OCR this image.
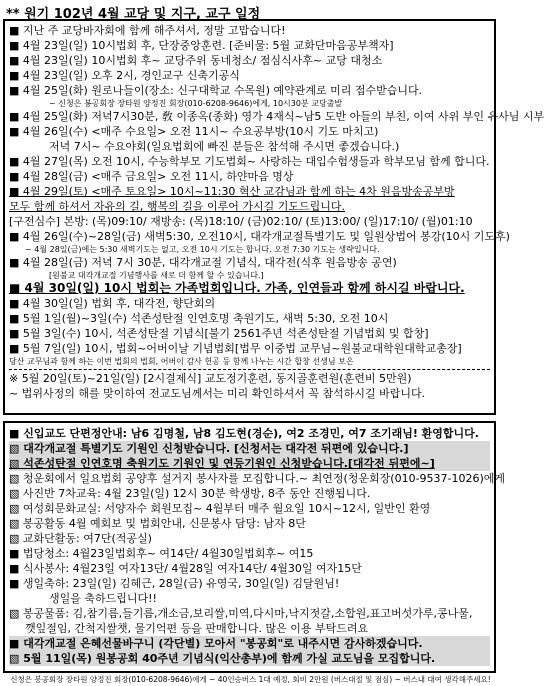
** 원기 102년 4월 교당 및 지구, 교구 일정
■ 지난 주 교당바자회에 함께 해주셔서, 정말 고맙습니다!
■ 4월 23일(일) 10시법회 후, 단장중앙훈련. [준비물: 5월 교화단마음공부책자]
■ 4월 23일(일) 10시법회 후~ 교당주위 동네청소/ 점심식사후~ 교당 대청소
■ 4월 23일(일) 오후 2시, 경인교구 신축기공식
■ 4월 25일(화) 원로나들이(장소: 신구대학교 수목원) 예약관계로 미리 접수받습니다.
~ 신청은 봉공회장 장타원 양정진 회장(010-6208-9646)에게, 10시30분 교당출발
■ 4월 25일(화) 저녁7시30분, 敎 이종옥(종화) 영가 4재식~남5 도반 아들의 부친, 이여 사위 부인 유사님 시부
■ 4월 26일(수) <매주 수요일> 오전 11시~ 수요공부방(10시 기도 마치고)
저녁 7시~ 수요야회(일요법회에 빠진 분들은 참석해 주시면 좋겠습니다.)
■ 4월 27일(목) 오전 10시, 수능학부모 기도법회~ 사랑하는 대입수험생들과 학부모님 함께 합니다.
■ 4월 28일(금) <매주 금요일> 오전 11시, 하얀마음 명상
■ 4월 29일(토) <매주 토요일> 10시~11:30 혁산 교감님과 함께 하는 4차 원음방송공부방
모두 함께 하셔서 자유의 길, 행복의 길을 이루어 가시길 기도드립니다.
[구전심수] 본방: (목)09:10/ 재방송: (목)18:10/ (금)02:10/ (토)13:00/ (일)17:10/ (월)01:10
■ 4월 26일(수)~28일(금) 새벽5:30, 오전10시, 대각개교절특별기도 및 일원상법어 봉강(10시 기도후)
~ 4월 28일(금)에는 5:30 새벽기도는 없고, 오전 10시 기도는 합니다. 오전 7:30 기도는 생략입니다.
■ 4월 28일(금) 저녁 7시 30분, 대각개교절 기념식, 대각전(식후 원음방송 공연)
[원불교 대각개교절 기념행사를 새로 더 함께 할 수 있습니다.]
■ 4월 30일(일) 10시 법회는 가족법회입니다. 가족, 인연들과 함께 하시길 바랍니다.
■ 4월 30일(일) 법회 후, 대각전, 향단회의
■ 5월 1일(월)~3일(수) 석존성탄절 인연호명 축원기도, 새벽 5:30, 오전 10시
■ 5월 3일(수) 10시, 석존성탄절 기념식[불기 2561주년 석존성탄절 기념법회 및 합창]
■ 5월 7일(일) 10시, 법회~어버이날 기념법회[법무 이중법 교무님~원불교대학원대학교총장]
당산 교무님과 함께 하는 이번 법회의 법회, 어버이 감사 헌공 등 함께 나누는 시간 합창 선생님 보은
※ 5월 20일(토)~21일(일) [2시결제식] 교도정기훈련, 동지골훈련원(훈련비 5만원)
~ 법위사정의 해를 맞이하여 전교도님께서는 미리 확인하셔서 꼭 참석하시길 바랍니다.
■ 신입교도 단편정안내: 남6 김명철, 남8 김도현(경순), 여2 조경민, 여7 조기래님! 환영합니다.
▧ 대각개교절 특별기도 기원인 신청받습니다. [신청서는 대각전 뒤편에 있습니다.]
▧ 석존성탄절 인연호명 축원기도 기원인 및 연등기원인 신청받습니다.[대각전 뒤편에~]
▧ 청운회에서 일요법회 공양후 설거지 봉사자를 모집합니다.~ 최연정(청운회장(010-9537-1026)에게
▧ 사진반 7차교육: 4월 23일(일) 12시 30분 학생방, 8주 동안 진행됩니다.
▧ 여성회문화교실: 서양자수 회원모집~ 4월부터 매주 월요일 10시~12시, 일반인 환영
▧ 봉공활동 4월 예회보 및 법회안내, 신문봉사 담당: 남자 8단
▧ 교화단활동: 여7단(적공실)
■ 법당청소: 4월23일법회후~ 여14단/ 4월30일법회후~ 여15
■ 식사봉사: 4월23일 여자13단/ 4월28일 여자14단/ 4월30일 여자15단
■ 생일축하: 23일(일) 김혜근, 28일(금) 유영국, 30일(일) 김달원님!
생일을 축하드립니다!!
▧ 봉공물품: 김,참기름,들기름,개소금,보리쌀,미역,다시마,낙지젓갈,소합원,표고버섯가루,콩나물,
깻잎절임, 간척지쌀챗, 물기억편 등을 판매합니다. 많은 이용 부탁드려요
■ 대각개교절 은혜선물바구니 (각단별) 모아서 "봉공회"로 내주시면 감사하겠습니다.
▧ 5월 11일(목) 원봉공회 40주년 기념식(익산총부)에 함께 가실 교도님을 모집합니다.
신청은 봉공회장 장타원 양정진 회장(010-6208-9646)에게 ~ 40인승버스 1대 예정, 회비 2만원 (버스대절 및 점심) ~ 버스내 대여 생각해주세요!
